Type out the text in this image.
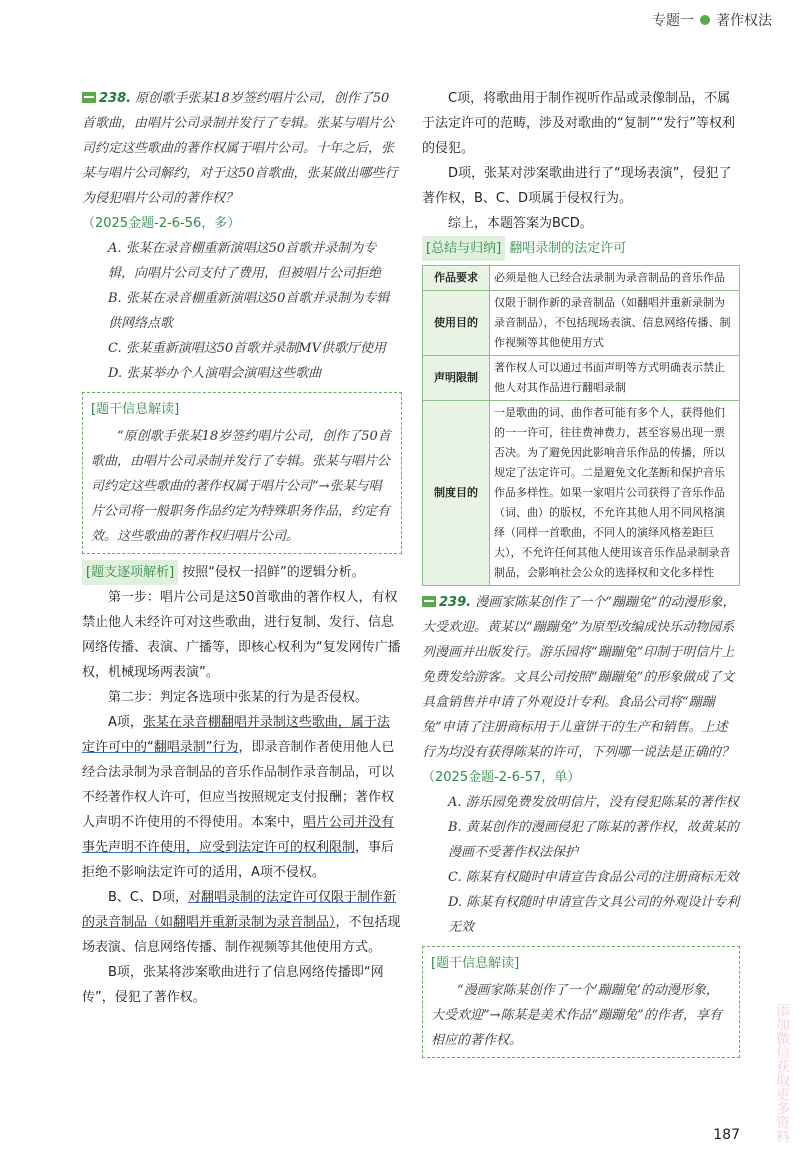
专题一 著作权法

238. 原创歌手张某18岁签约唱片公司，创作了50首歌曲，由唱片公司录制并发行了专辑。张某与唱片公司约定这些歌曲的著作权属于唱片公司。十年之后，张某与唱片公司解约，对于这50首歌曲，张某做出哪些行为侵犯唱片公司的著作权？

（2025金题-2-6-56，多）

A. 张某在录音棚重新演唱这50首歌并录制为专辑，向唱片公司支付了费用，但被唱片公司拒绝

B. 张某在录音棚重新演唱这50首歌并录制为专辑供网络点歌

C. 张某重新演唱这50首歌并录制MV供歌厅使用

D. 张某举办个人演唱会演唱这些歌曲

[题干信息解读]

“原创歌手张某18岁签约唱片公司，创作了50首歌曲，由唱片公司录制并发行了专辑。张某与唱片公司约定这些歌曲的著作权属于唱片公司”→张某与唱片公司将一般职务作品约定为特殊职务作品，约定有效。这些歌曲的著作权归唱片公司。

[题支逐项解析] 按照“侵权一招鲜”的逻辑分析。

第一步：唱片公司是这50首歌曲的著作权人，有权禁止他人未经许可对这些歌曲，进行复制、发行、信息网络传播、表演、广播等，即核心权利为“复发网传广播权，机械现场两表演”。

第二步：判定各选项中张某的行为是否侵权。

A项，张某在录音棚翻唱并录制这些歌曲，属于法定许可中的“翻唱录制”行为，即录音制作者使用他人已经合法录制为录音制品的音乐作品制作录音制品，可以不经著作权人许可，但应当按照规定支付报酬；著作权人声明不许使用的不得使用。本案中，唱片公司并没有事先声明不许使用，应受到法定许可的权利限制，事后拒绝不影响法定许可的适用，A项不侵权。

B、C、D项，对翻唱录制的法定许可仅限于制作新的录音制品（如翻唱并重新录制为录音制品），不包括现场表演、信息网络传播、制作视频等其他使用方式。

B项，张某将涉案歌曲进行了信息网络传播即“网传”，侵犯了著作权。

C项，将歌曲用于制作视听作品或录像制品，不属于法定许可的范畴，涉及对歌曲的“复制”“发行”等权利的侵犯。

D项，张某对涉案歌曲进行了“现场表演”，侵犯了著作权，B、C、D项属于侵权行为。

综上，本题答案为BCD。

[总结与归纳] 翻唱录制的法定许可

作品要求	必须是他人已经合法录制为录音制品的音乐作品
使用目的	仅限于制作新的录音制品（如翻唱并重新录制为录音制品），不包括现场表演、信息网络传播、制作视频等其他使用方式
声明限制	著作权人可以通过书面声明等方式明确表示禁止他人对其作品进行翻唱录制
制度目的	一是歌曲的词、曲作者可能有多个人，获得他们的一一许可，往往费神费力，甚至容易出现一票否决。为了避免因此影响音乐作品的传播，所以规定了法定许可。二是避免文化垄断和保护音乐作品多样性。如果一家唱片公司获得了音乐作品（词、曲）的版权，不允许其他人用不同风格演绎（同样一首歌曲，不同人的演绎风格差距巨大），不允许任何其他人使用该音乐作品录制录音制品，会影响社会公众的选择权和文化多样性

239. 漫画家陈某创作了一个“蹦蹦兔”的动漫形象，大受欢迎。黄某以“蹦蹦兔”为原型改编成快乐动物园系列漫画并出版发行。游乐园将“蹦蹦兔”印制于明信片上免费发给游客。文具公司按照“蹦蹦兔”的形象做成了文具盒销售并申请了外观设计专利。食品公司将“蹦蹦兔”申请了注册商标用于儿童饼干的生产和销售。上述行为均没有获得陈某的许可，下列哪一说法是正确的？ （2025金题-2-6-57，单）

A. 游乐园免费发放明信片，没有侵犯陈某的著作权

B. 黄某创作的漫画侵犯了陈某的著作权，故黄某的漫画不受著作权法保护

C. 陈某有权随时申请宣告食品公司的注册商标无效

D. 陈某有权随时申请宣告文具公司的外观设计专利无效

[题干信息解读]

“漫画家陈某创作了一个‘蹦蹦兔’的动漫形象，大受欢迎”→陈某是美术作品“蹦蹦兔”的作者，享有相应的著作权。

187 添加微信获取更多资料
